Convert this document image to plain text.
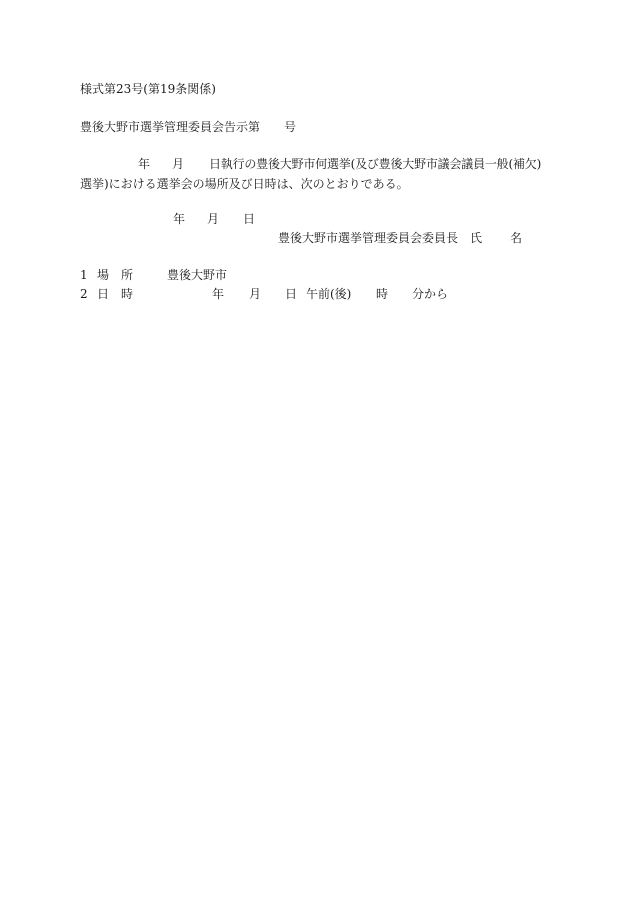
様式第23号(第19条関係)
豊後大野市選挙管理委員会告示第　　号
年 月 日執行の豊後大野市何選挙(及び豊後大野市議会議員一般(補欠)
選挙)における選挙会の場所及び日時は、次のとおりである。
年 月 日
豊後大野市選挙管理委員会委員長　氏 名
1 場　所	豊後大野市
2 日　時	年 月 日 午前(後) 時 分から
